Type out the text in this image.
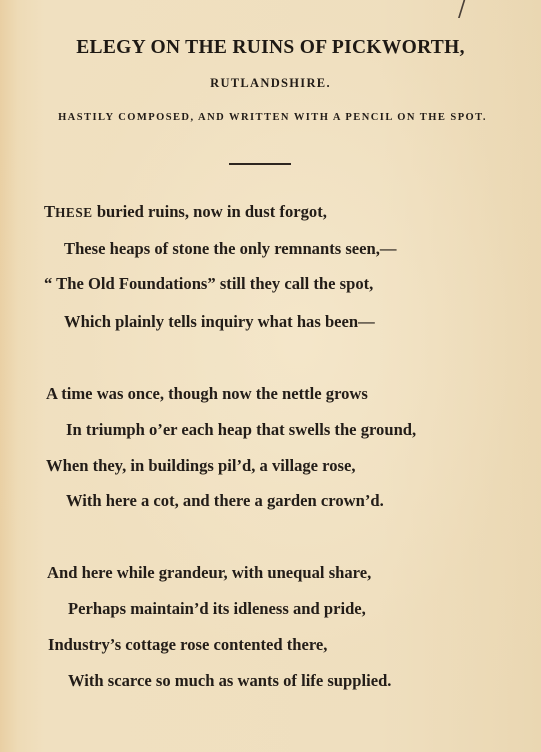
/
ELEGY ON THE RUINS OF PICKWORTH,
RUTLANDSHIRE.
HASTILY COMPOSED, AND WRITTEN WITH A PENCIL ON THE SPOT.
THESE buried ruins, now in dust forgot,
These heaps of stone the only remnants seen,—
“ The Old Foundations” still they call the spot,
Which plainly tells inquiry what has been—
A time was once, though now the nettle grows
In triumph o’er each heap that swells the ground,
When they, in buildings pil’d, a village rose,
With here a cot, and there a garden crown’d.
And here while grandeur, with unequal share,
Perhaps maintain’d its idleness and pride,
Industry’s cottage rose contented there,
With scarce so much as wants of life supplied.
